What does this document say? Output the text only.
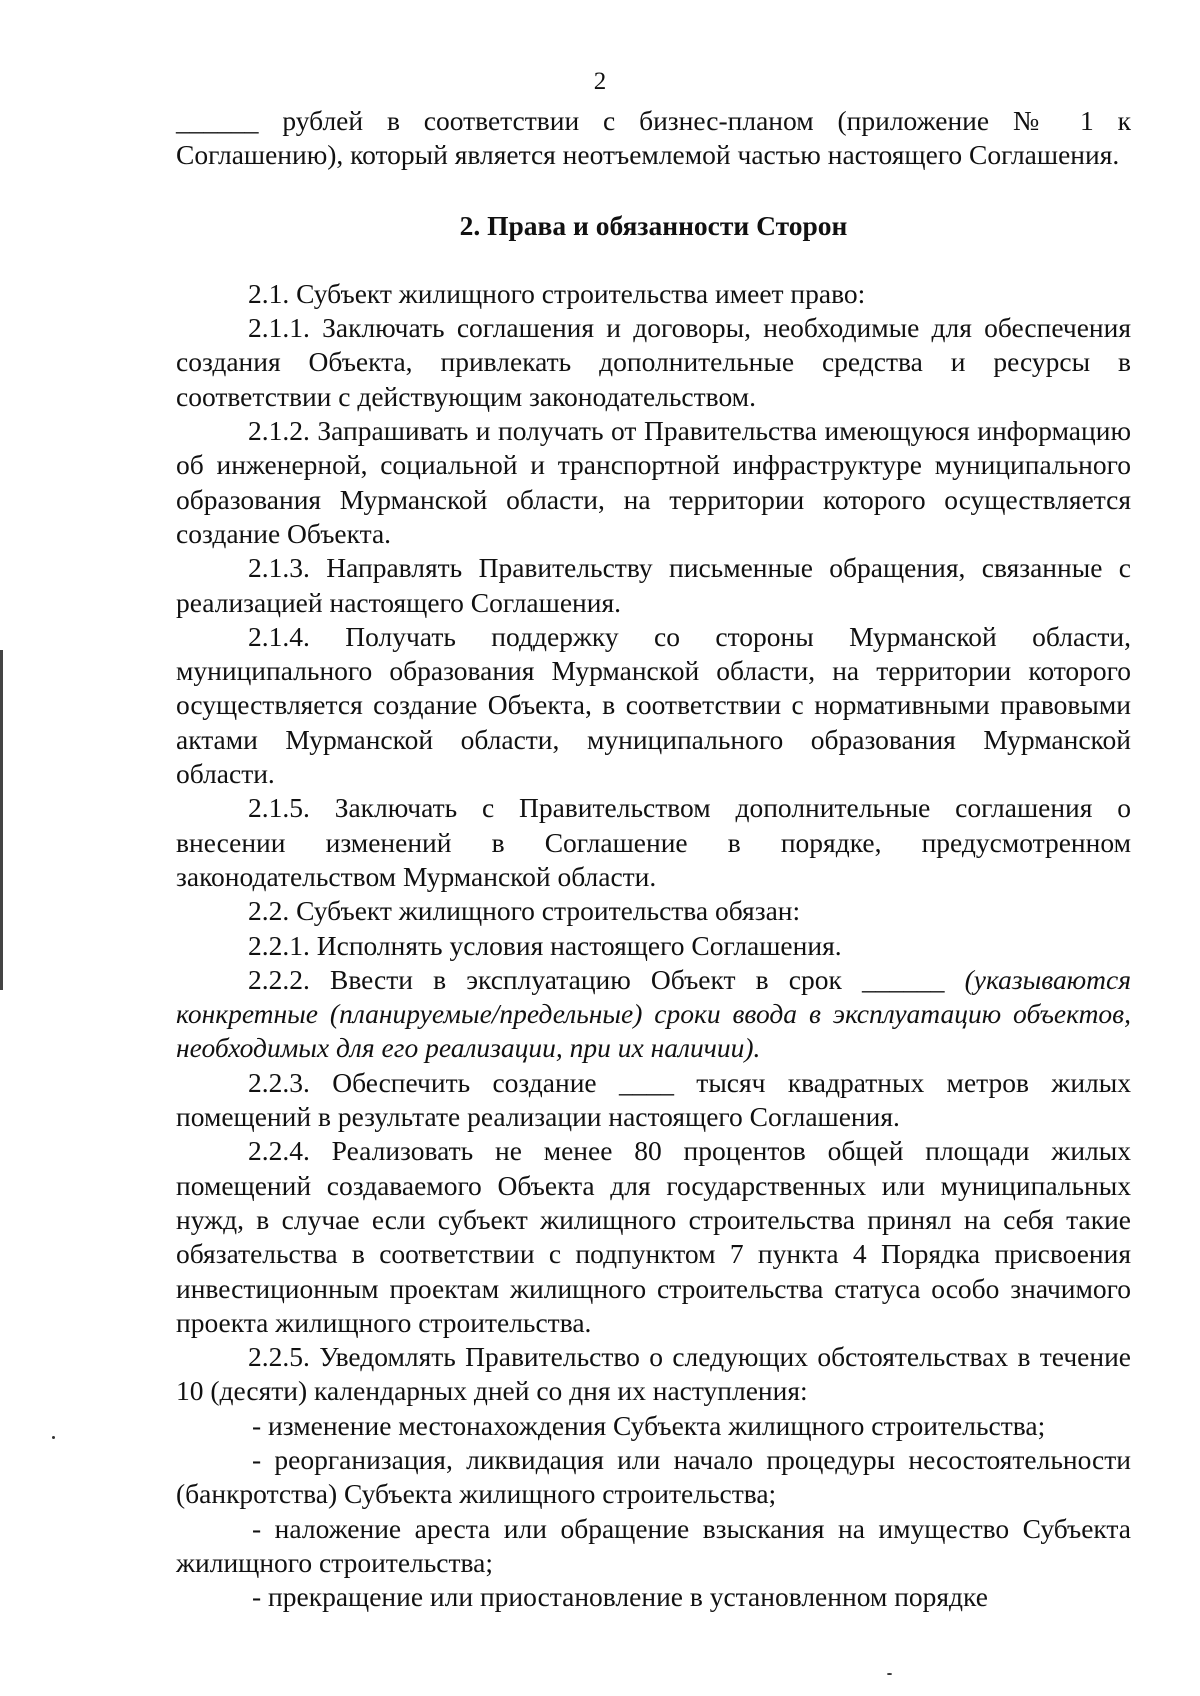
2

______ рублей в соответствии с бизнес-планом (приложение № 1 к Соглашению), который является неотъемлемой частью настоящего Соглашения.

2. Права и обязанности Сторон

2.1. Субъект жилищного строительства имеет право:

2.1.1. Заключать соглашения и договоры, необходимые для обеспечения создания Объекта, привлекать дополнительные средства и ресурсы в соответствии с действующим законодательством.

2.1.2. Запрашивать и получать от Правительства имеющуюся информацию об инженерной, социальной и транспортной инфраструктуре муниципального образования Мурманской области, на территории которого осуществляется создание Объекта.

2.1.3. Направлять Правительству письменные обращения, связанные с реализацией настоящего Соглашения.

2.1.4. Получать поддержку со стороны Мурманской области, муниципального образования Мурманской области, на территории которого осуществляется создание Объекта, в соответствии с нормативными правовыми актами Мурманской области, муниципального образования Мурманской области.

2.1.5. Заключать с Правительством дополнительные соглашения о внесении изменений в Соглашение в порядке, предусмотренном законодательством Мурманской области.

2.2. Субъект жилищного строительства обязан:

2.2.1. Исполнять условия настоящего Соглашения.

2.2.2. Ввести в эксплуатацию Объект в срок ______ (указываются конкретные (планируемые/предельные) сроки ввода в эксплуатацию объектов, необходимых для его реализации, при их наличии).

2.2.3. Обеспечить создание ____ тысяч квадратных метров жилых помещений в результате реализации настоящего Соглашения.

2.2.4. Реализовать не менее 80 процентов общей площади жилых помещений создаваемого Объекта для государственных или муниципальных нужд, в случае если субъект жилищного строительства принял на себя такие обязательства в соответствии с подпунктом 7 пункта 4 Порядка присвоения инвестиционным проектам жилищного строительства статуса особо значимого проекта жилищного строительства.

2.2.5. Уведомлять Правительство о следующих обстоятельствах в течение 10 (десяти) календарных дней со дня их наступления:

- изменение местонахождения Субъекта жилищного строительства;

- реорганизация, ликвидация или начало процедуры несостоятельности (банкротства) Субъекта жилищного строительства;

- наложение ареста или обращение взыскания на имущество Субъекта жилищного строительства;

- прекращение или приостановление в установленном порядке
